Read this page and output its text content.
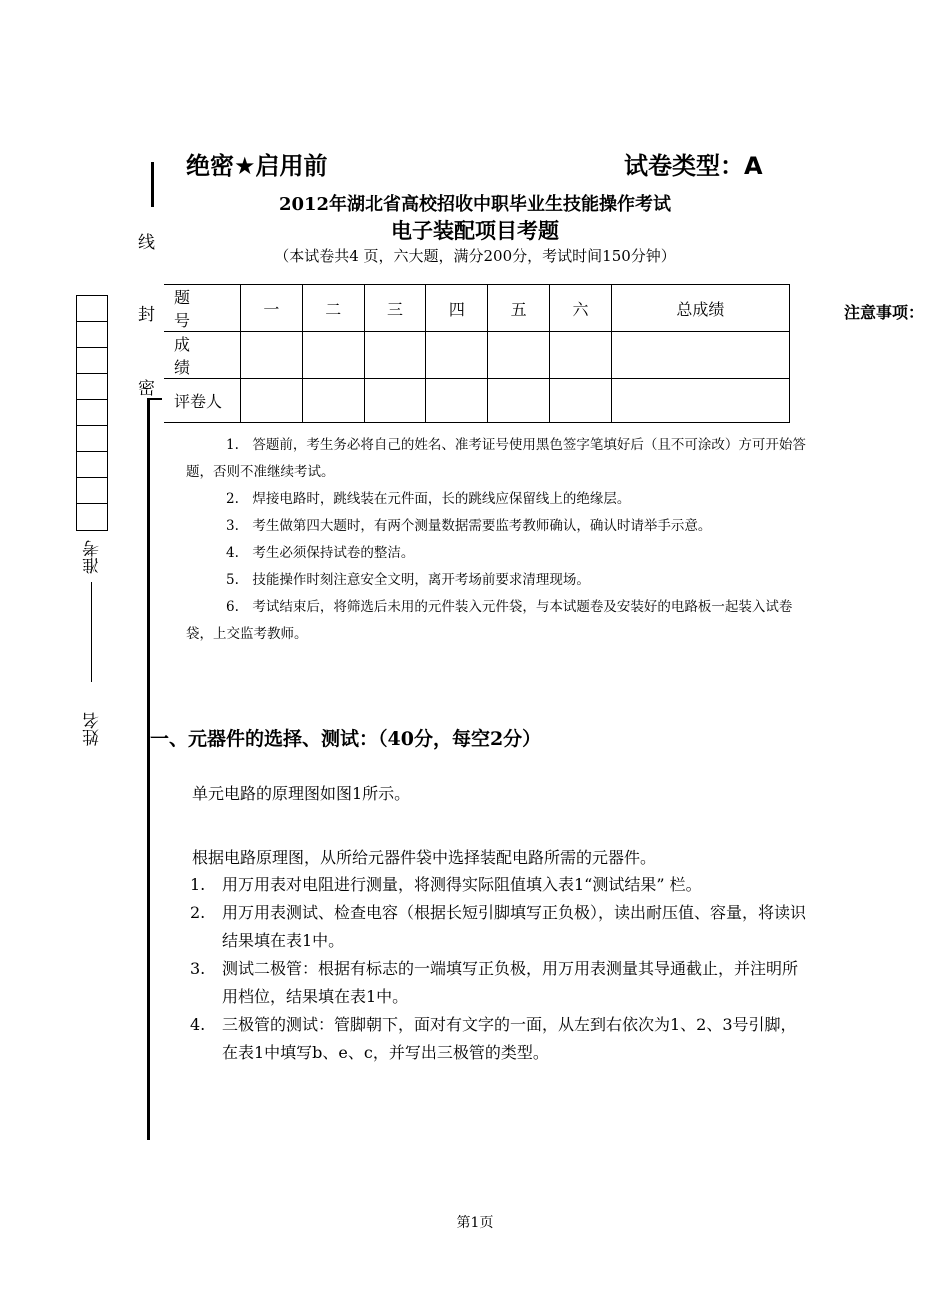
线
封
密
准考
姓名
绝密★启用前	试卷类型：A
2012年湖北省高校招收中职毕业生技能操作考试
电子装配项目考题
（本试卷共4 页，六大题，满分200分，考试时间150分钟）
题 号	一	二	三	四	五	六	总成绩
成 绩							
评卷人							
注意事项：

1.　答题前，考生务必将自己的姓名、准考证号使用黑色签字笔填好后（且不可涂改）方可开始答题，否则不准继续考试。

2.　焊接电路时，跳线装在元件面，长的跳线应保留线上的绝缘层。

3.　考生做第四大题时，有两个测量数据需要监考教师确认，确认时请举手示意。

4.　考生必须保持试卷的整洁。

5.　技能操作时刻注意安全文明，离开考场前要求清理现场。

6.　考试结束后，将筛选后未用的元件装入元件袋，与本试题卷及安装好的电路板一起装入试卷袋，上交监考教师。

一、元器件的选择、测试：（40分，每空2分）
单元电路的原理图如图1所示。
根据电路原理图，从所给元器件袋中选择装配电路所需的元器件。
1. 用万用表对电阻进行测量，将测得实际阻值填入表1“测试结果” 栏。
2. 用万用表测试、检查电容（根据长短引脚填写正负极），读出耐压值、容量，将读识结果填在表1中。
3. 测试二极管：根据有标志的一端填写正负极，用万用表测量其导通截止，并注明所用档位，结果填在表1中。
4. 三极管的测试：管脚朝下，面对有文字的一面，从左到右依次为1、2、3号引脚，在表1中填写b、e、c，并写出三极管的类型。
第1页
